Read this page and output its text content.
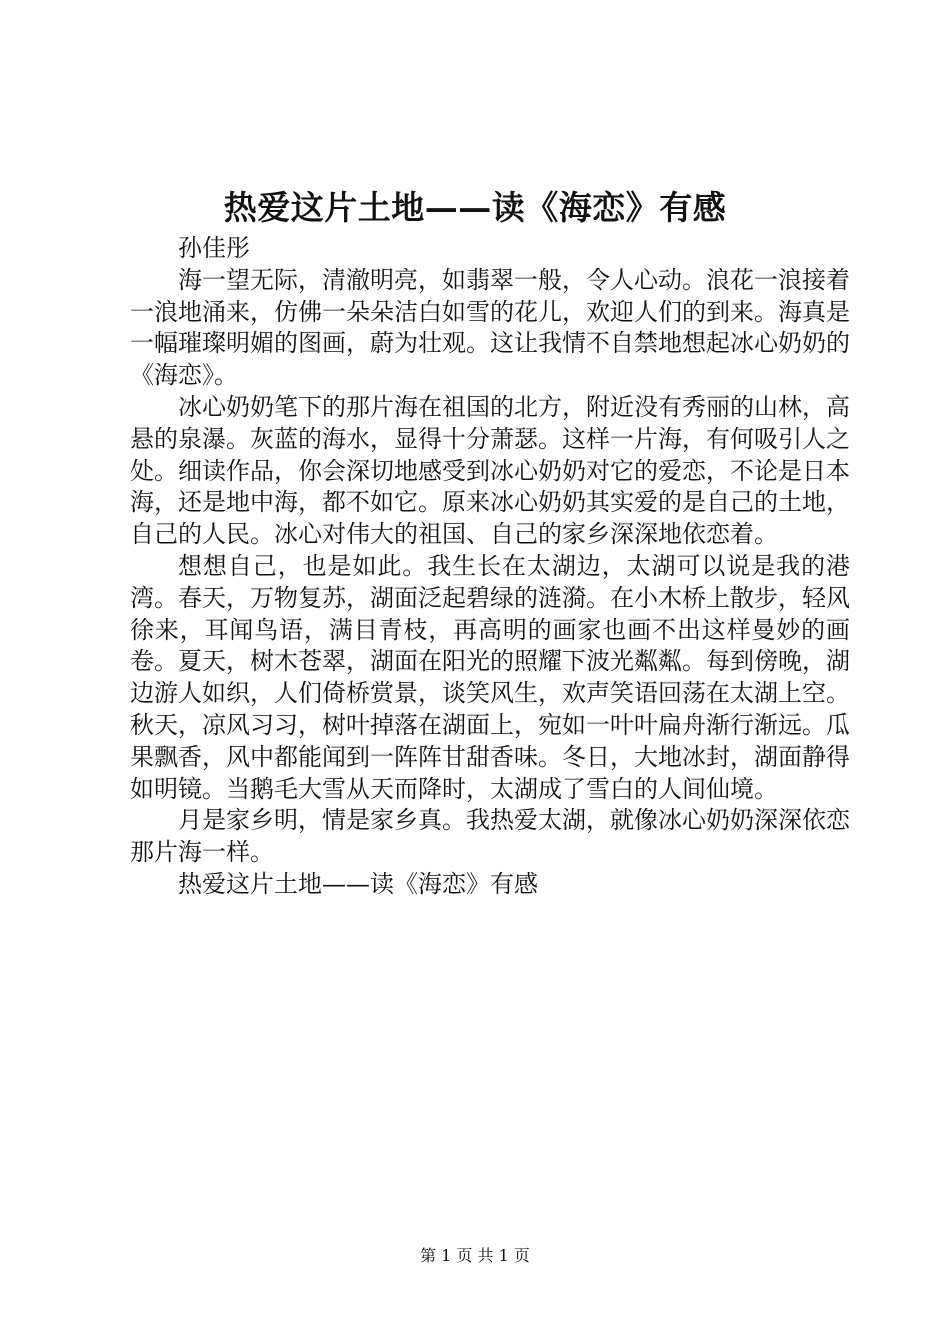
热爱这片土地——读《海恋》有感

孙佳彤

海一望无际，清澈明亮，如翡翠一般，令人心动。浪花一浪接着一浪地涌来，仿佛一朵朵洁白如雪的花儿，欢迎人们的到来。海真是一幅璀璨明媚的图画，蔚为壮观。这让我情不自禁地想起冰心奶奶的《海恋》。

冰心奶奶笔下的那片海在祖国的北方，附近没有秀丽的山林，高悬的泉瀑。灰蓝的海水，显得十分萧瑟。这样一片海，有何吸引人之处。细读作品，你会深切地感受到冰心奶奶对它的爱恋，不论是日本海，还是地中海，都不如它。原来冰心奶奶其实爱的是自己的土地，自己的人民。冰心对伟大的祖国、自己的家乡深深地依恋着。

想想自己，也是如此。我生长在太湖边，太湖可以说是我的港湾。春天，万物复苏，湖面泛起碧绿的涟漪。在小木桥上散步，轻风徐来，耳闻鸟语，满目青枝，再高明的画家也画不出这样曼妙的画卷。夏天，树木苍翠，湖面在阳光的照耀下波光粼粼。每到傍晚，湖边游人如织，人们倚桥赏景，谈笑风生，欢声笑语回荡在太湖上空。秋天，凉风习习，树叶掉落在湖面上，宛如一叶叶扁舟渐行渐远。瓜果飘香，风中都能闻到一阵阵甘甜香味。冬日，大地冰封，湖面静得如明镜。当鹅毛大雪从天而降时，太湖成了雪白的人间仙境。

月是家乡明，情是家乡真。我热爱太湖，就像冰心奶奶深深依恋那片海一样。

热爱这片土地——读《海恋》有感

第 1 页 共 1 页
